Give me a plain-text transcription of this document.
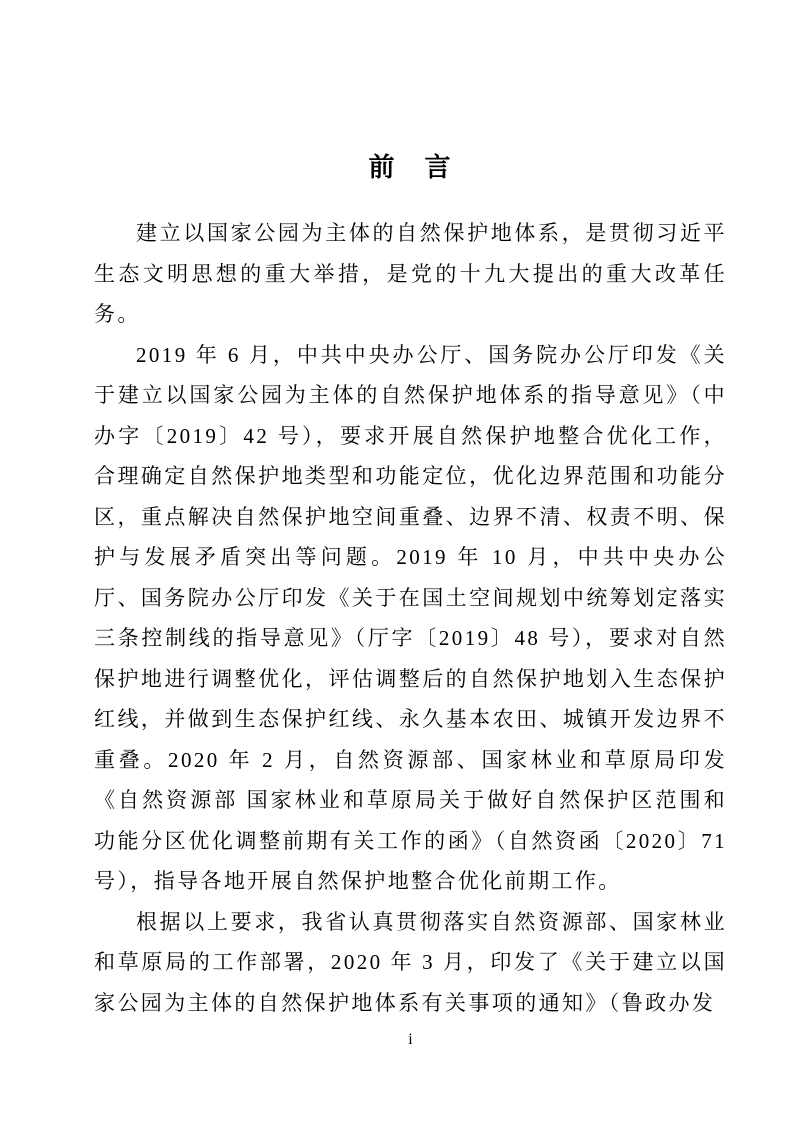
前　言

建立以国家公园为主体的自然保护地体系，是贯彻习近平生态文明思想的重大举措，是党的十九大提出的重大改革任务。

2019 年 6 月，中共中央办公厅、国务院办公厅印发《关于建立以国家公园为主体的自然保护地体系的指导意见》（中办字〔2019〕42 号），要求开展自然保护地整合优化工作，合理确定自然保护地类型和功能定位，优化边界范围和功能分区，重点解决自然保护地空间重叠、边界不清、权责不明、保护与发展矛盾突出等问题。2019 年 10 月，中共中央办公厅、国务院办公厅印发《关于在国土空间规划中统筹划定落实三条控制线的指导意见》（厅字〔2019〕48 号），要求对自然保护地进行调整优化，评估调整后的自然保护地划入生态保护红线，并做到生态保护红线、永久基本农田、城镇开发边界不重叠。2020 年 2 月，自然资源部、国家林业和草原局印发《自然资源部 国家林业和草原局关于做好自然保护区范围和功能分区优化调整前期有关工作的函》（自然资函〔2020〕71 号），指导各地开展自然保护地整合优化前期工作。

根据以上要求，我省认真贯彻落实自然资源部、国家林业和草原局的工作部署，2020 年 3 月，印发了《关于建立以国家公园为主体的自然保护地体系有关事项的通知》（鲁政办发

i
